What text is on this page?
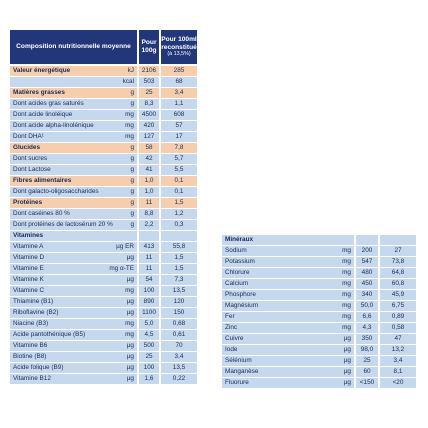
Composition nutritionnelle moyenne
Pour 100g
Pour 100ml reconstitué
(à 13,5%)
Valeur énergétique	kJ	2106	285
kcal	503	68
Matières grasses	g	25	3,4
Dont acides gras saturés	g	8,3	1,1
Dont acide linoléique	mg	4500	608
Dont acide alpha-linolénique	mg	420	57
Dont DHA¹	mg	127	17
Glucides	g	58	7,8
Dont sucres	g	42	5,7
Dont Lactose	g	41	5,5
Fibres alimentaires	g	1,0	0,1
Dont galacto-oligosaccharides	g	1,0	0,1
Protéines	g	11	1,5
Dont caséines 80 %	g	8,8	1,2
Dont protéines de lactosérum 20 %	g	2,2	0,3
Vitamines
Vitamine A	µg ER	413	55,8
Vitamine D	µg	11	1,5
Vitamine E	mg α-TE	11	1,5
Vitamine K	µg	54	7,3
Vitamine C	mg	100	13,5
Thiamine (B1)	µg	890	120
Riboflavine (B2)	µg	1100	150
Niacine (B3)	mg	5,0	0,68
Acide pantothénique (B5)	mg	4,5	0,61
Vitamine B6	µg	500	70
Biotine (B8)	µg	25	3,4
Acide folique (B9)	µg	100	13,5
Vitamine B12	µg	1,6	0,22
Minéraux
Sodium	mg	200	27
Potassium	mg	547	73,8
Chlorure	mg	480	64,8
Calcium	mg	450	60,8
Phosphore	mg	340	45,9
Magnésium	mg	50,0	6,75
Fer	mg	6,6	0,89
Zinc	mg	4,3	0,58
Cuivre	µg	350	47
Iode	µg	98,0	13,2
Sélénium	µg	25	3,4
Manganèse	µg	60	8,1
Fluorure	µg	<150	<20
